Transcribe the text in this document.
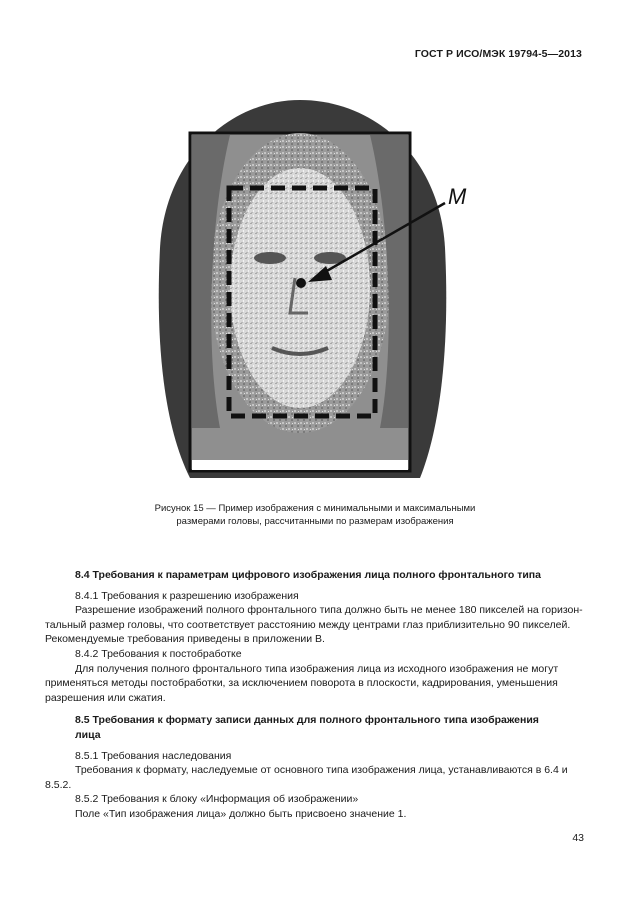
ГОСТ Р ИСО/МЭК 19794-5—2013
M
Рисунок 15 — Пример изображения с минимальными и максимальными
размерами головы, рассчитанными по размерам изображения

8.4 Требования к параметрам цифрового изображения лица полного фронтального типа

8.4.1 Требования к разрешению изображения

Разрешение изображений полного фронтального типа должно быть не менее 180 пикселей на горизон-

тальный размер головы, что соответствует расстоянию между центрами глаз приблизительно 90 пикселей.

Рекомендуемые требования приведены в приложении В.

8.4.2 Требования к постобработке

Для получения полного фронтального типа изображения лица из исходного изображения не могут

применяться методы постобработки, за исключением поворота в плоскости, кадрирования, уменьшения

разрешения или сжатия.

8.5 Требования к формату записи данных для полного фронтального типа изображения

лица

8.5.1 Требования наследования

Требования к формату, наследуемые от основного типа изображения лица, устанавливаются в 6.4 и

8.5.2.

8.5.2 Требования к блоку «Информация об изображении»

Поле «Тип изображения лица» должно быть присвоено значение 1.

43
